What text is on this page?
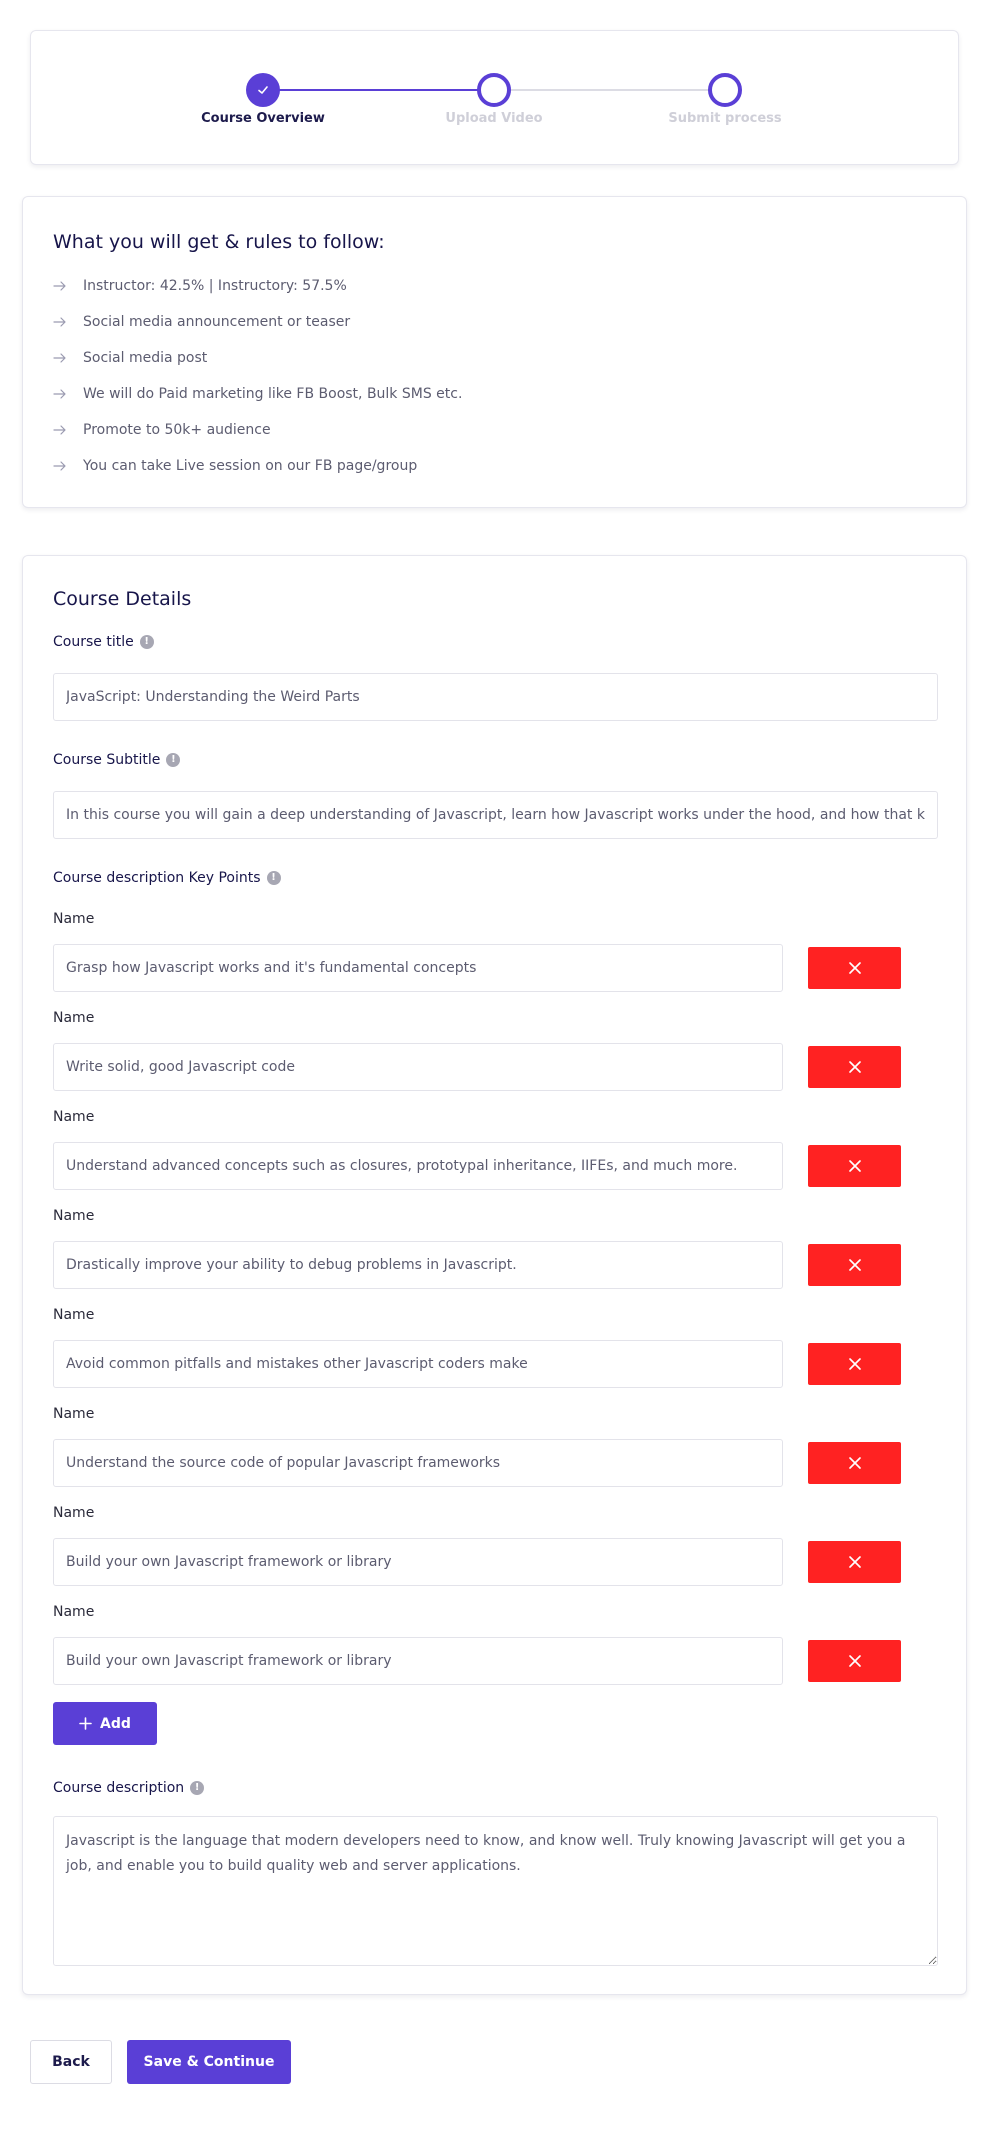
Course Overview	Upload Video	Submit process
What you will get & rules to follow:
Instructor: 42.5% | Instructory: 57.5%
Social media announcement or teaser
Social media post
We will do Paid marketing like FB Boost, Bulk SMS etc.
Promote to 50k+ audience
You can take Live session on our FB page/group
Course Details
Course title	!
JavaScript: Understanding the Weird Parts
Course Subtitle	!
In this course you will gain a deep understanding of Javascript, learn how Javascript works under the hood, and how that knowledge helps you avoid common pitfalls and drastically improve your ability to debug problems.
Course description Key Points	!
Name
Grasp how Javascript works and it's fundamental concepts
Name
Write solid, good Javascript code
Name
Understand advanced concepts such as closures, prototypal inheritance, IIFEs, and much more.
Name
Drastically improve your ability to debug problems in Javascript.
Name
Avoid common pitfalls and mistakes other Javascript coders make
Name
Understand the source code of popular Javascript frameworks
Name
Build your own Javascript framework or library
Name
Build your own Javascript framework or library
Add
Course description	!
Javascript is the language that modern developers need to know, and know well. Truly knowing Javascript will get you a job, and enable you to build quality web and server applications.
Back	Save & Continue
